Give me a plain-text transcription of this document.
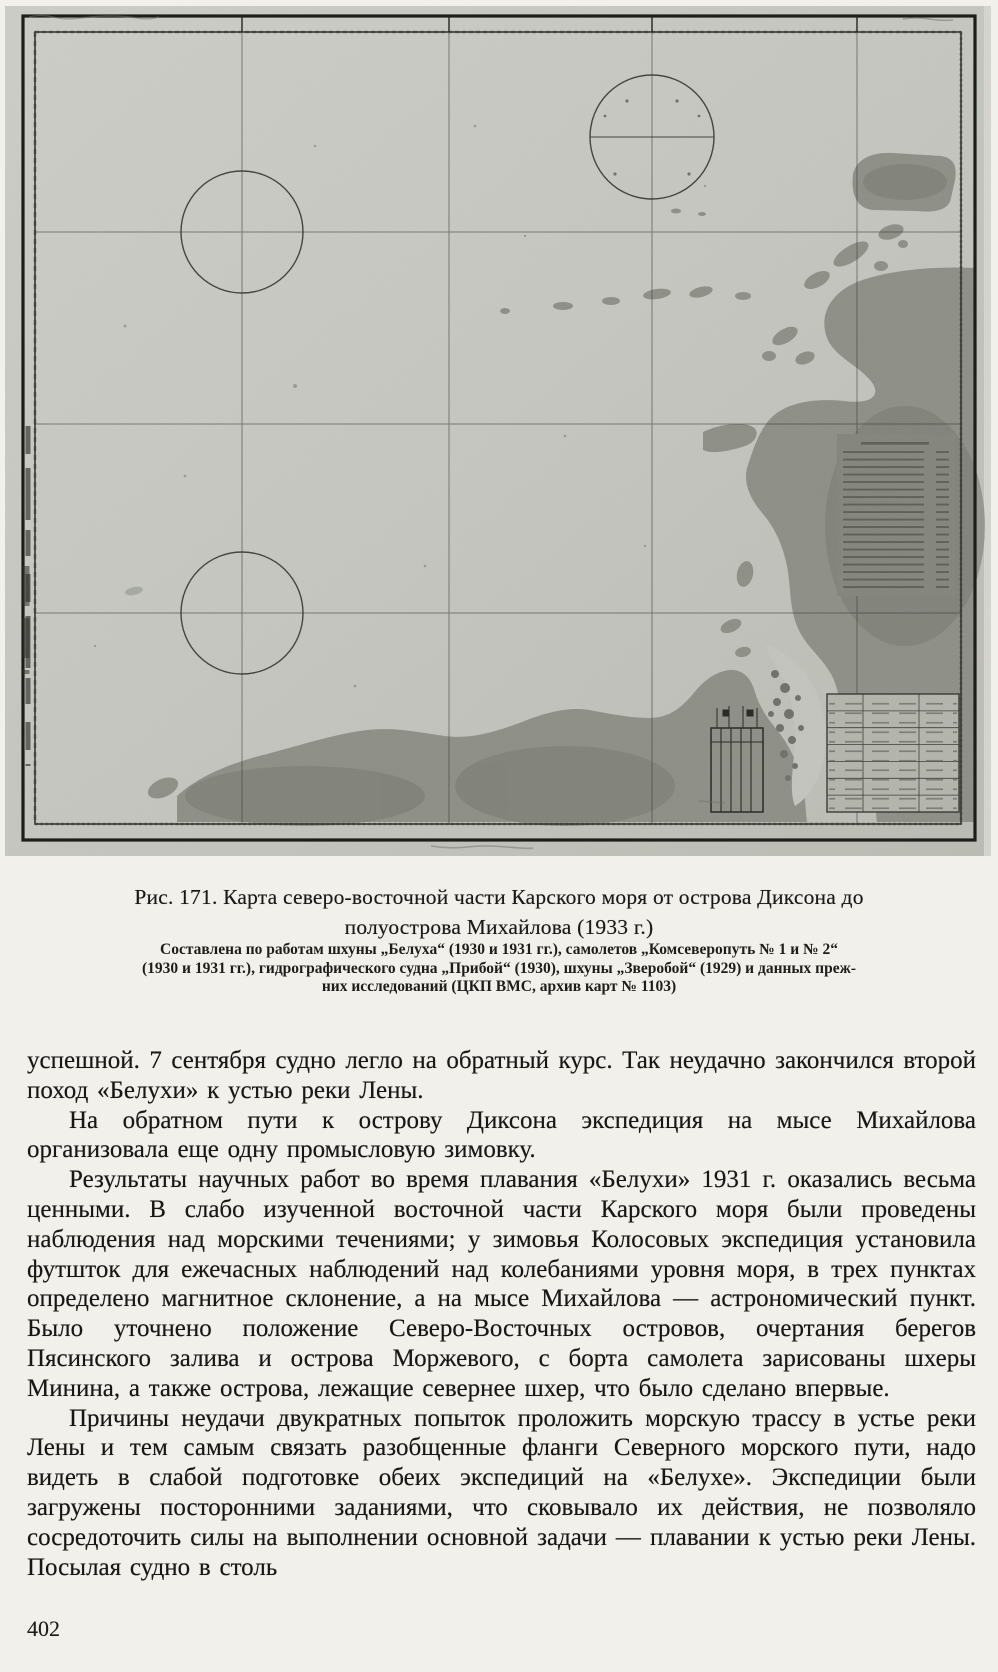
Рис. 171. Карта северо-восточной части Карского моря от острова Диксона до
полуострова Михайлова (1933 г.)
Составлена по работам шхуны „Белуха“ (1930 и 1931 гг.), самолетов „Комсеверопуть № 1 и № 2“
(1930 и 1931 гг.), гидрографического судна „Прибой“ (1930), шхуны „Зверобой“ (1929) и данных преж-
них исследований (ЦКП ВМС, архив карт № 1103)

успешной. 7 сентября судно легло на обратный курс. Так неудачно закончился второй поход «Белухи» к устью реки Лены.

На обратном пути к острову Диксона экспедиция на мысе Михайлова организовала еще одну промысловую зимовку.

Результаты научных работ во время плавания «Белухи» 1931 г. оказались весьма ценными. В слабо изученной восточной части Карского моря были проведены наблюдения над морскими течениями; у зимовья Колосовых экспедиция установила футшток для ежечасных наблюдений над колебаниями уровня моря, в трех пунктах определено магнитное склонение, а на мысе Михайлова — астрономический пункт. Было уточнено положение Северо-Восточных островов, очертания берегов Пясинского залива и острова Моржевого, с борта самолета зарисованы шхеры Минина, а также острова, лежащие севернее шхер, что было сделано впервые.

Причины неудачи двукратных попыток проложить морскую трассу в устье реки Лены и тем самым связать разобщенные фланги Северного морского пути, надо видеть в слабой подготовке обеих экспедиций на «Белухе». Экспедиции были загружены посторонними заданиями, что сковывало их действия, не позволяло сосредоточить силы на выполнении основной задачи — плавании к устью реки Лены. Посылая судно в столь

402
